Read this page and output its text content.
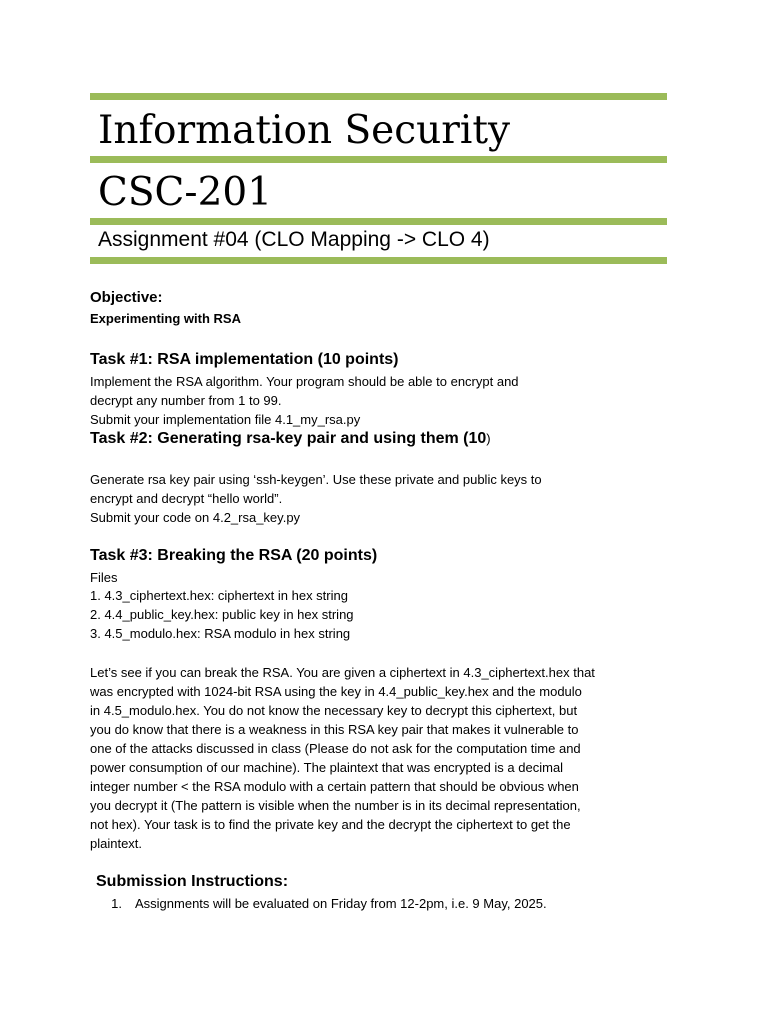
Information Security
CSC-201
Assignment #04 (CLO Mapping -> CLO 4)
Objective:
Experimenting with RSA
Task #1: RSA implementation (10 points)
Implement the RSA algorithm. Your program should be able to encrypt and
decrypt any number from 1 to 99.
Submit your implementation file 4.1_my_rsa.py
Task #2: Generating rsa-key pair and using them (10)
Generate rsa key pair using ‘ssh-keygen’. Use these private and public keys to
encrypt and decrypt “hello world”.
Submit your code on 4.2_rsa_key.py
Task #3: Breaking the RSA (20 points)
Files
1. 4.3_ciphertext.hex: ciphertext in hex string
2. 4.4_public_key.hex: public key in hex string
3. 4.5_modulo.hex: RSA modulo in hex string
Let’s see if you can break the RSA. You are given a ciphertext in 4.3_ciphertext.hex that
was encrypted with 1024-bit RSA using the key in 4.4_public_key.hex and the modulo
in 4.5_modulo.hex. You do not know the necessary key to decrypt this ciphertext, but
you do know that there is a weakness in this RSA key pair that makes it vulnerable to
one of the attacks discussed in class (Please do not ask for the computation time and
power consumption of our machine). The plaintext that was encrypted is a decimal
integer number < the RSA modulo with a certain pattern that should be obvious when
you decrypt it (The pattern is visible when the number is in its decimal representation,
not hex). Your task is to find the private key and the decrypt the ciphertext to get the
plaintext.
Submission Instructions:
1. Assignments will be evaluated on Friday from 12-2pm, i.e. 9 May, 2025.
